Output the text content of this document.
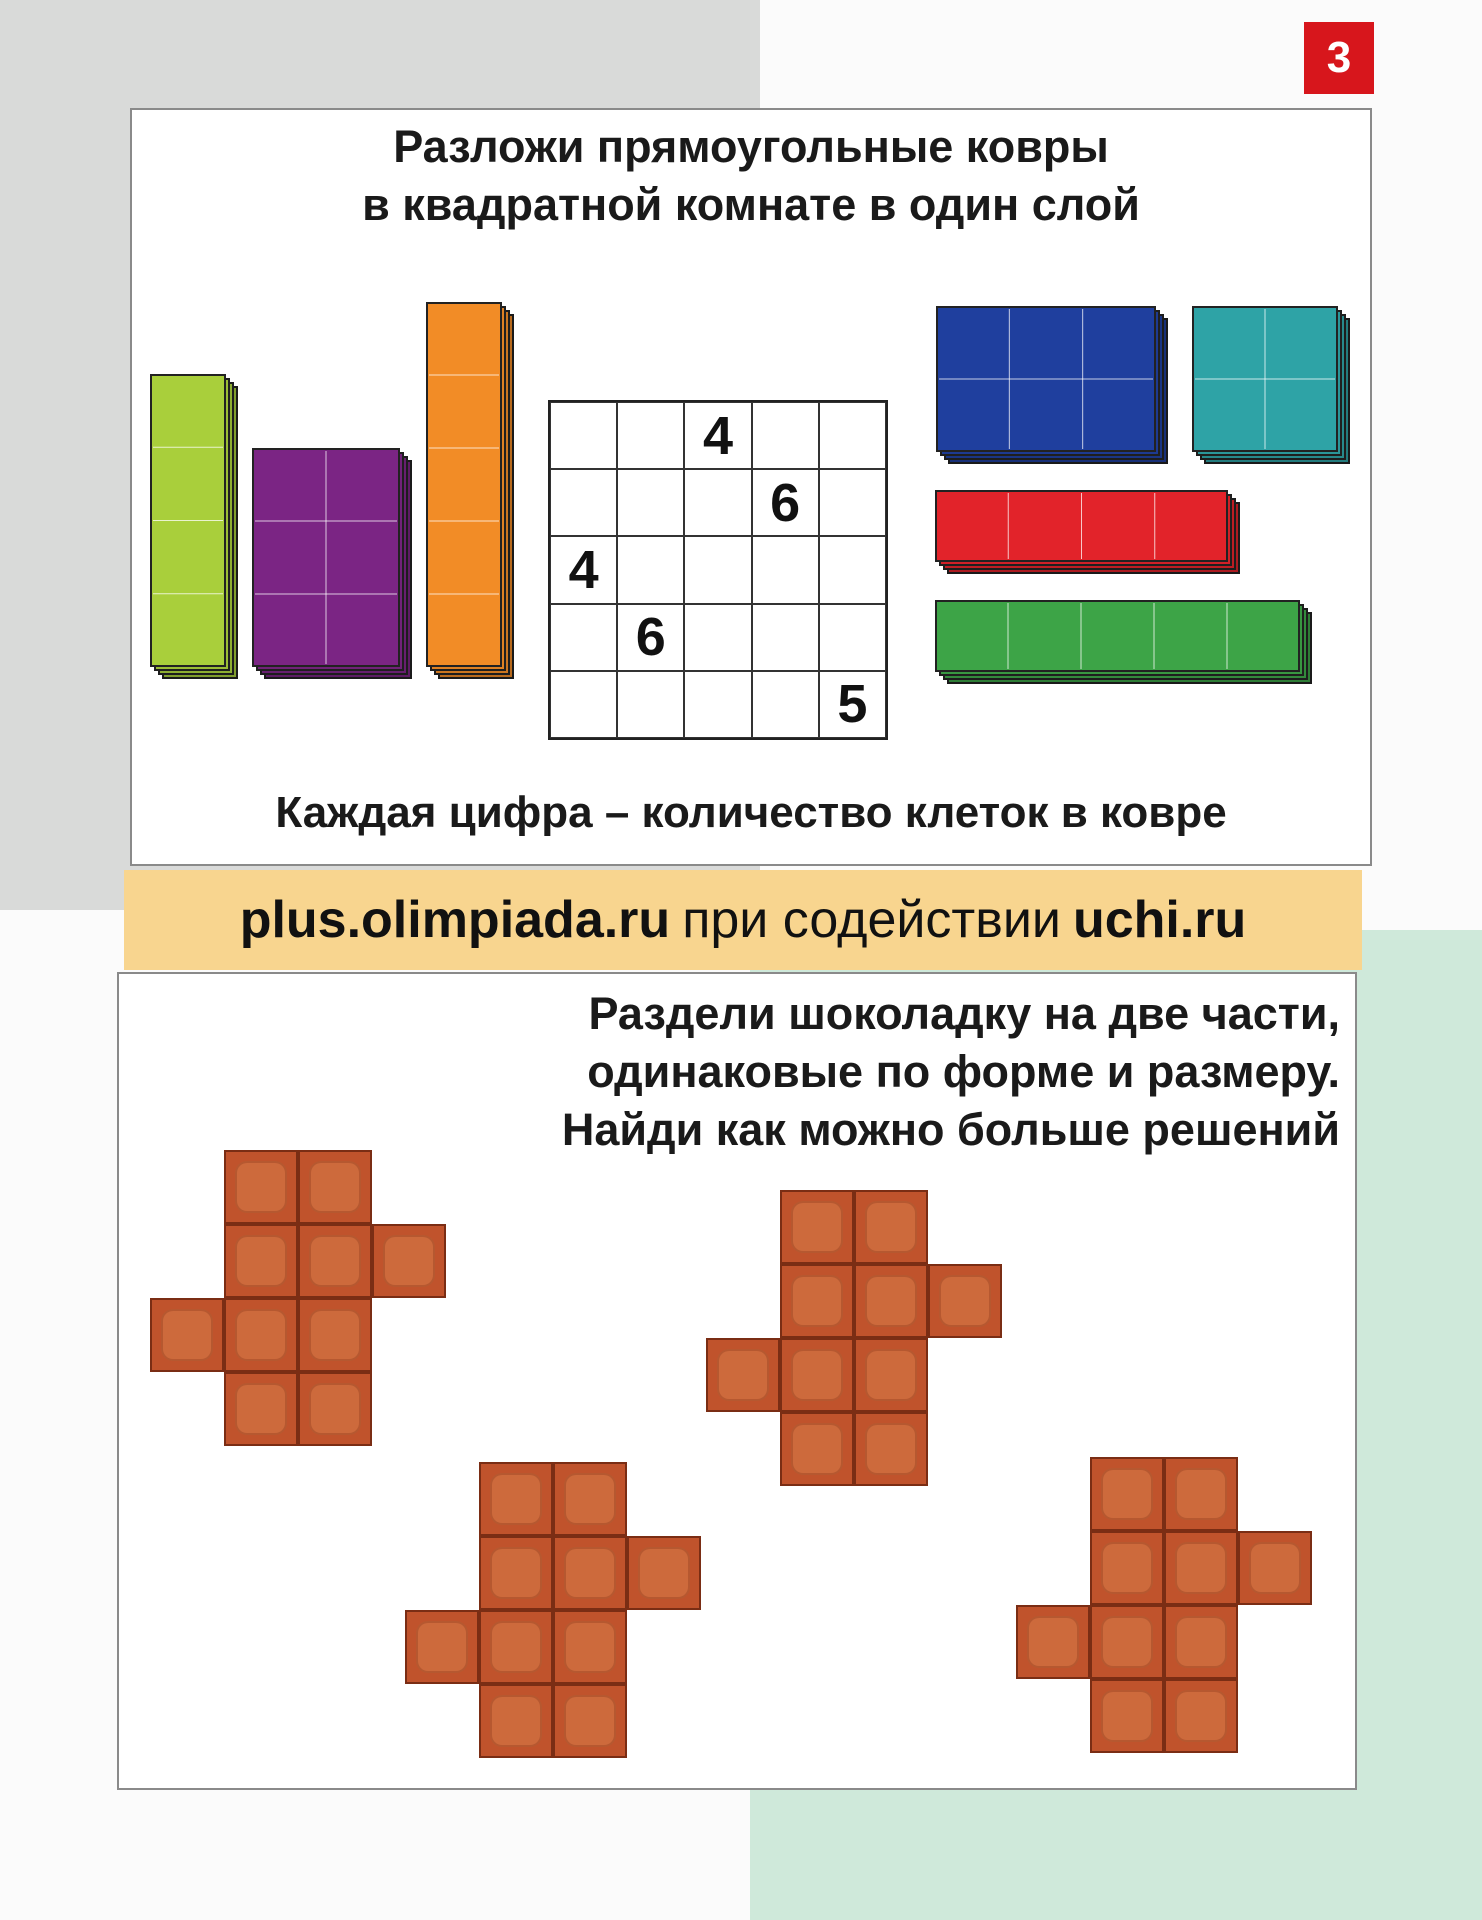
3
Разложи прямоугольные ковры
в квадратной комнате в один слой
4
6
4
6
5
Каждая цифра – количество клеток в ковре
plus.olimpiada.ru при содействии uchi.ru
Раздели шоколадку на две части,
одинаковые по форме и размеру.
Найди как можно больше решений
